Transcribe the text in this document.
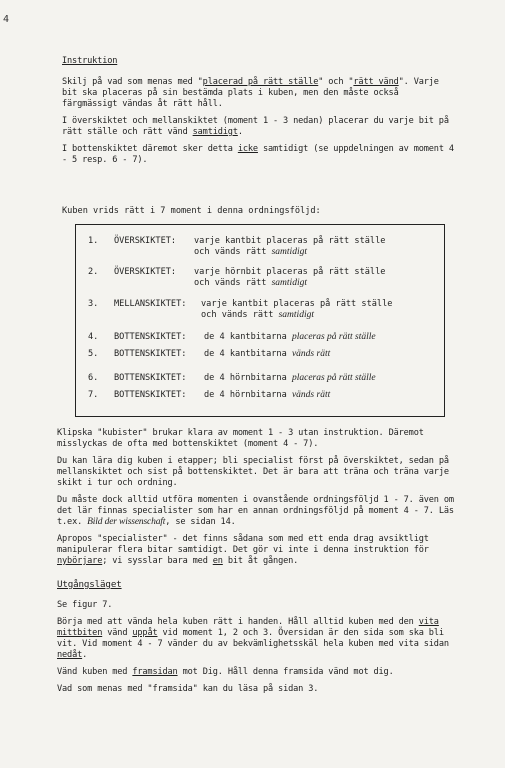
4

Instruktion

Skilj på vad som menas med "placerad på rätt ställe" och "rätt vänd". Varje bit ska placeras på sin bestämda plats i kuben, men den måste också färgmässigt vändas åt rätt håll.

I överskiktet och mellanskiktet (moment 1 - 3 nedan) placerar du varje bit på rätt ställe och rätt vänd samtidigt.

I bottenskiktet däremot sker detta icke samtidigt (se uppdelningen av moment 4 - 5 resp. 6 - 7).

Kuben vrids rätt i 7 moment i denna ordningsföljd:
1. ÖVERSKIKTET: varje kantbit placeras på rätt ställe
och vänds rätt samtidigt
2. ÖVERSKIKTET: varje hörnbit placeras på rätt ställe
och vänds rätt samtidigt
3. MELLANSKIKTET: varje kantbit placeras på rätt ställe
och vänds rätt samtidigt
4. BOTTENSKIKTET: de 4 kantbitarna placeras på rätt ställe
5. BOTTENSKIKTET: de 4 kantbitarna vänds rätt
6. BOTTENSKIKTET: de 4 hörnbitarna placeras på rätt ställe
7. BOTTENSKIKTET: de 4 hörnbitarna vänds rätt

Klipska "kubister" brukar klara av moment 1 - 3 utan instruktion. Däremot misslyckas de ofta med bottenskiktet (moment 4 - 7).

Du kan lära dig kuben i etapper; bli specialist först på överskiktet, sedan på mellanskiktet och sist på bottenskiktet. Det är bara att träna och träna varje skikt i tur och ordning.

Du måste dock alltid utföra momenten i ovanstående ordningsföljd 1 - 7. även om det lär finnas specialister som har en annan ordningsföljd på moment 4 - 7. Läs t.ex. Bild der wissenschaft, se sidan 14.

Apropos "specialister" - det finns sådana som med ett enda drag avsiktligt manipulerar flera bitar samtidigt. Det gör vi inte i denna instruktion för nybörjare; vi sysslar bara med en bit åt gången.

Utgångsläget

Se figur 7.

Börja med att vända hela kuben rätt i handen. Håll alltid kuben med den vita mittbiten vänd uppåt vid moment 1, 2 och 3. Översidan är den sida som ska bli vit. Vid moment 4 - 7 vänder du av bekvämlighetsskäl hela kuben med vita sidan nedåt.

Vänd kuben med framsidan mot Dig. Håll denna framsida vänd mot dig.

Vad som menas med "framsida" kan du läsa på sidan 3.
